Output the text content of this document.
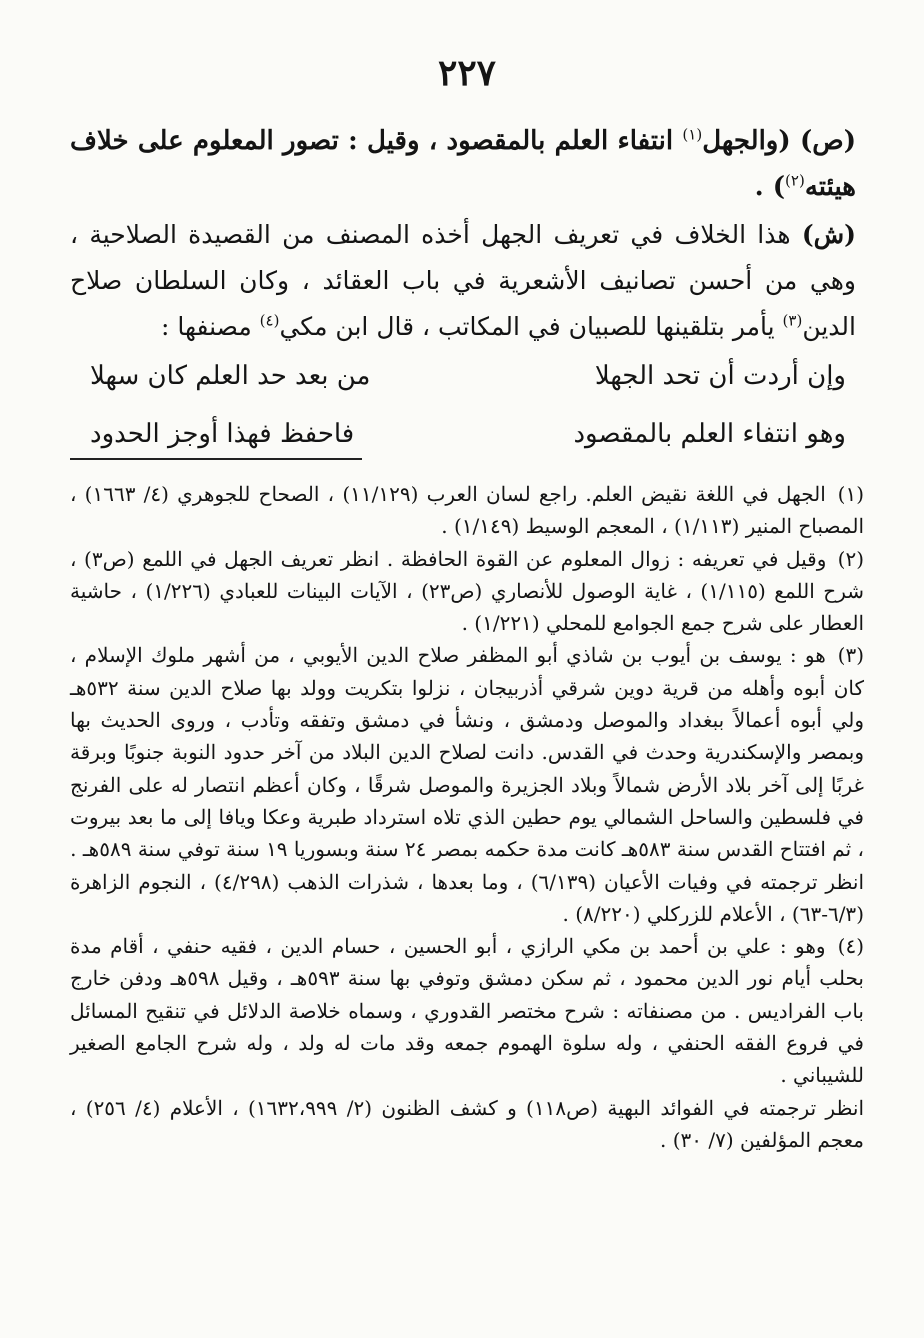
٢٢٧

(ص) (والجهل$^{(١)}$ انتفاء العلم بالمقصود ، وقيل : تصور المعلوم على خلاف هيئته$^{(٢)}$) .

(ش) هذا الخلاف في تعريف الجهل أخذه المصنف من القصيدة الصلاحية ، وهي من أحسن تصانيف الأشعرية في باب العقائد ، وكان السلطان صلاح الدين$^{(٣)}$ يأمر بتلقينها للصبيان في المكاتب ، قال ابن مكي$^{(٤)}$ مصنفها :

وإن أردت أن تحد الجهلا
من بعد حد العلم كان سهلا
وهو انتفاء العلم بالمقصود
فاحفظ فهذا أوجز الحدود

(١) الجهل في اللغة نقيض العلم. راجع لسان العرب (١١/١٢٩) ، الصحاح للجوهري (٤/ ١٦٦٣) ، المصباح المنير (١/١١٣) ، المعجم الوسيط (١/١٤٩) .

(٢) وقيل في تعريفه : زوال المعلوم عن القوة الحافظة . انظر تعريف الجهل في اللمع (ص٣) ، شرح اللمع (١/١١٥) ، غاية الوصول للأنصاري (ص٢٣) ، الآيات البينات للعبادي (١/٢٢٦) ، حاشية العطار على شرح جمع الجوامع للمحلي (١/٢٢١) .

(٣) هو : يوسف بن أيوب بن شاذي أبو المظفر صلاح الدين الأيوبي ، من أشهر ملوك الإسلام ، كان أبوه وأهله من قرية دوين شرقي أذربيجان ، نزلوا بتكريت وولد بها صلاح الدين سنة ٥٣٢هـ ولي أبوه أعمالاً ببغداد والموصل ودمشق ، ونشأ في دمشق وتفقه وتأدب ، وروى الحديث بها وبمصر والإسكندرية وحدث في القدس. دانت لصلاح الدين البلاد من آخر حدود النوبة جنوبًا وبرقة غربًا إلى آخر بلاد الأرض شمالاً وبلاد الجزيرة والموصل شرقًا ، وكان أعظم انتصار له على الفرنج في فلسطين والساحل الشمالي يوم حطين الذي تلاه استرداد طبرية وعكا ويافا إلى ما بعد بيروت ، ثم افتتاح القدس سنة ٥٨٣هـ كانت مدة حكمه بمصر ٢٤ سنة وبسوريا ١٩ سنة توفي سنة ٥٨٩هـ .

انظر ترجمته في وفيات الأعيان (٦/١٣٩) ، وما بعدها ، شذرات الذهب (٤/٢٩٨) ، النجوم الزاهرة (٦/٣-٦٣) ، الأعلام للزركلي (٨/٢٢٠) .

(٤) وهو : علي بن أحمد بن مكي الرازي ، أبو الحسين ، حسام الدين ، فقيه حنفي ، أقام مدة بحلب أيام نور الدين محمود ، ثم سكن دمشق وتوفي بها سنة ٥٩٣هـ ، وقيل ٥٩٨هـ ودفن خارج باب الفراديس . من مصنفاته : شرح مختصر القدوري ، وسماه خلاصة الدلائل في تنقيح المسائل في فروع الفقه الحنفي ، وله سلوة الهموم جمعه وقد مات له ولد ، وله شرح الجامع الصغير للشيباني .

انظر ترجمته في الفوائد البهية (ص١١٨) و كشف الظنون (٢/ ١٦٣٢،٩٩٩) ، الأعلام (٤/ ٢٥٦) ، معجم المؤلفين (٧/ ٣٠) .
